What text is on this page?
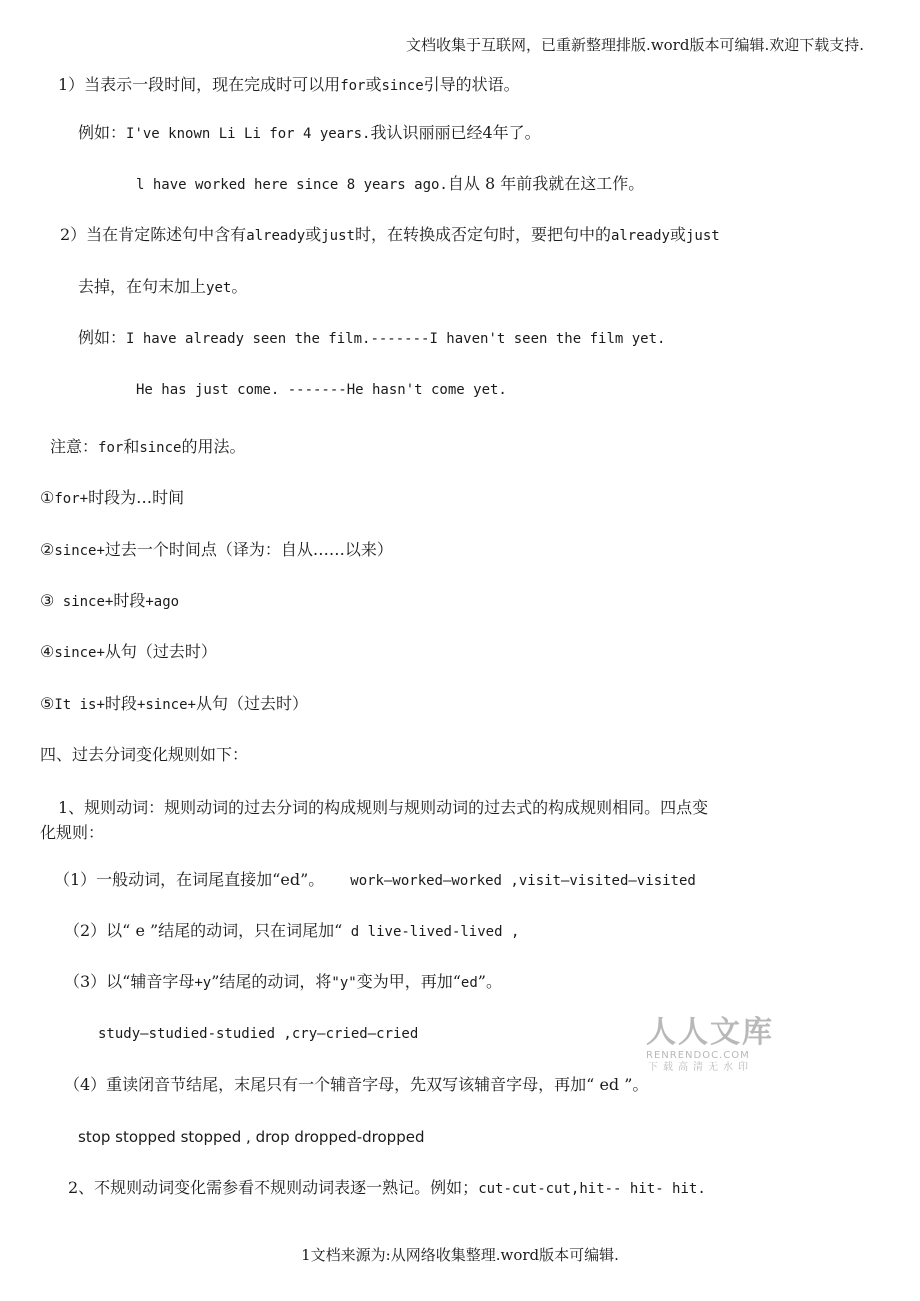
文档收集于互联网，已重新整理排版.word版本可编辑.欢迎下载支持.
1）当表示一段时间，现在完成时可以用for或since引导的状语。
例如：I've known Li Li for 4 years.我认识丽丽已经4年了。
l have worked here since 8 years ago.自从 8 年前我就在这工作。
2）当在肯定陈述句中含有already或just时，在转换成否定句时，要把句中的already或just
去掉，在句末加上yet。
例如：I have already seen the film.-------I haven't seen the film yet.
He has just come. -------He hasn't come yet.
注意：for和since的用法。
①for+时段为…时间
②since+过去一个时间点（译为：自从……以来）
③ since+时段+ago
④since+从句（过去时）
⑤It is+时段+since+从句（过去时）
四、过去分词变化规则如下：
1、规则动词：规则动词的过去分词的构成规则与规则动词的过去式的构成规则相同。四点变
化规则：
（1）一般动词，在词尾直接加“ed”。 work—worked—worked ,visit—visited—visited
（2）以“ e ”结尾的动词，只在词尾加“ d live-lived-lived ,
（3）以“辅音字母+y”结尾的动词，将"y"变为甲，再加“ed”。
study—studied-studied ,cry—cried—cried
（4）重读闭音节结尾，末尾只有一个辅音字母，先双写该辅音字母，再加“ ed ”。
stop stopped stopped , drop dropped-dropped
2、不规则动词变化需参看不规则动词表逐一熟记。例如；cut-cut-cut,hit-- hit- hit.
人人文库
RENRENDOC.COM
下载高清无水印
1文档来源为:从网络收集整理.word版本可编辑.
